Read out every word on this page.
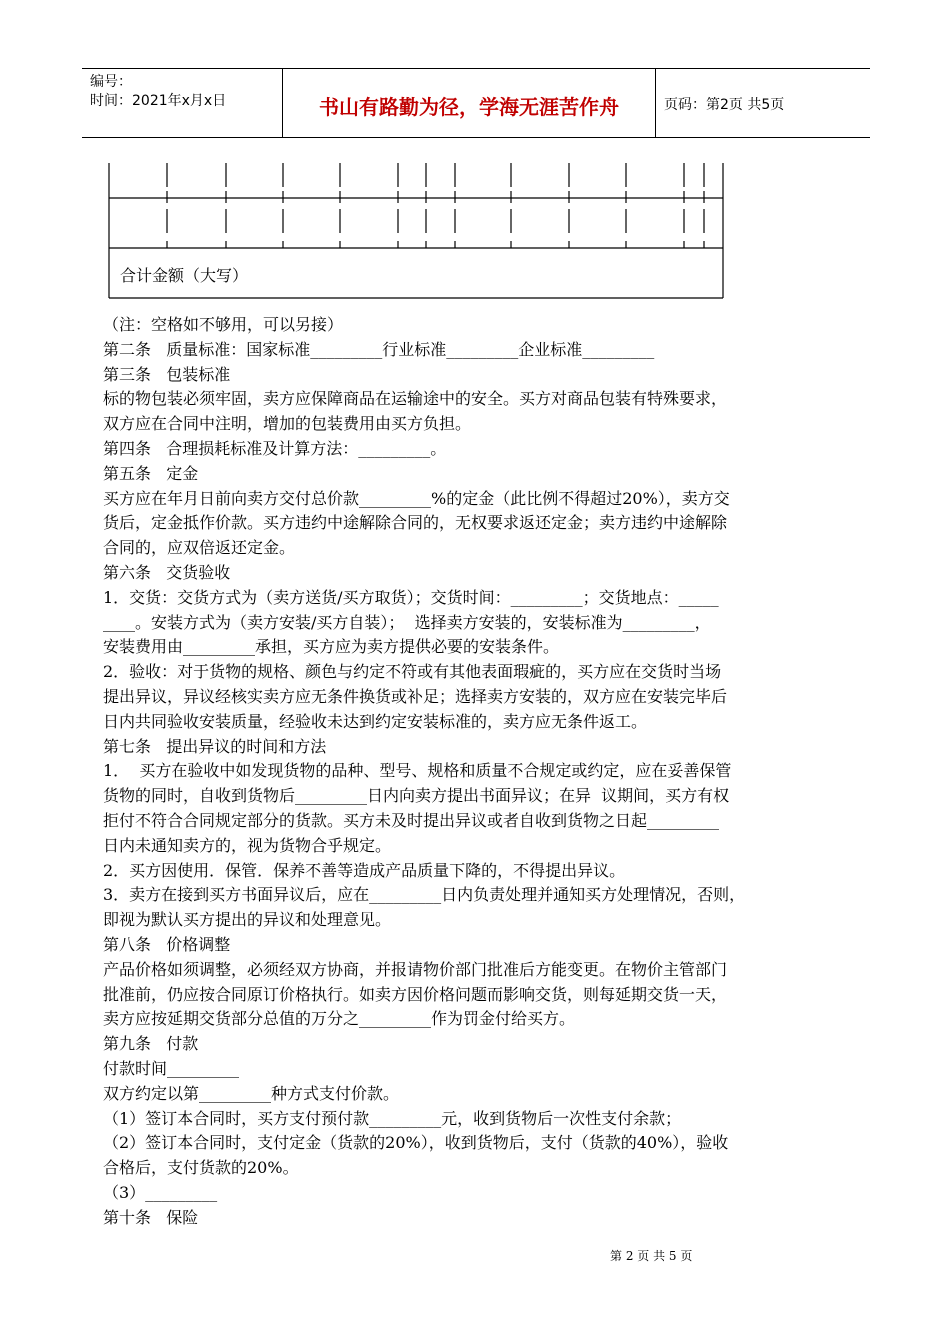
编号：
时间：2021年x月x日	书山有路勤为径，学海无涯苦作舟	页码：第2页 共5页
合计金额（大写）

（注：空格如不够用，可以另接）

第二条   质量标准：国家标准_________行业标准_________企业标准_________

第三条   包装标准

标的物包装必须牢固，卖方应保障商品在运输途中的安全。买方对商品包装有特殊要求，

双方应在合同中注明，增加的包装费用由买方负担。

第四条   合理损耗标准及计算方法：_________。

第五条   定金

买方应在年月日前向卖方交付总价款_________%的定金（此比例不得超过20%），卖方交

货后，定金抵作价款。买方违约中途解除合同的，无权要求返还定金；卖方违约中途解除

合同的，应双倍返还定金。

第六条   交货验收

1．交货：交货方式为（卖方送货/买方取货）；交货时间：_________；交货地点：_____

____。安装方式为（卖方安装/买方自装）；  选择卖方安装的，安装标准为_________，

安装费用由_________承担，买方应为卖方提供必要的安装条件。

2．验收：对于货物的规格、颜色与约定不符或有其他表面瑕疵的，买方应在交货时当场

提出异议，异议经核实卖方应无条件换货或补足；选择卖方安装的，双方应在安装完毕后

日内共同验收安装质量，经验收未达到约定安装标准的，卖方应无条件返工。

第七条   提出异议的时间和方法

1．  买方在验收中如发现货物的品种、型号、规格和质量不合规定或约定，应在妥善保管

货物的同时，自收到货物后_________日内向卖方提出书面异议；在异  议期间，买方有权

拒付不符合合同规定部分的货款。买方未及时提出异议或者自收到货物之日起_________

日内未通知卖方的，视为货物合乎规定。

2．买方因使用．保管．保养不善等造成产品质量下降的，不得提出异议。

3．卖方在接到买方书面异议后，应在_________日内负责处理并通知买方处理情况，否则，

即视为默认买方提出的异议和处理意见。

第八条   价格调整

产品价格如须调整，必须经双方协商，并报请物价部门批准后方能变更。在物价主管部门

批准前，仍应按合同原订价格执行。如卖方因价格问题而影响交货，则每延期交货一天，

卖方应按延期交货部分总值的万分之_________作为罚金付给买方。

第九条   付款

付款时间_________

双方约定以第_________种方式支付价款。

（1）签订本合同时，买方支付预付款_________元，收到货物后一次性支付余款；

（2）签订本合同时，支付定金（货款的20%），收到货物后，支付（货款的40%），验收

合格后，支付货款的20%。

（3）_________

第十条   保险

第 2 页 共 5 页
